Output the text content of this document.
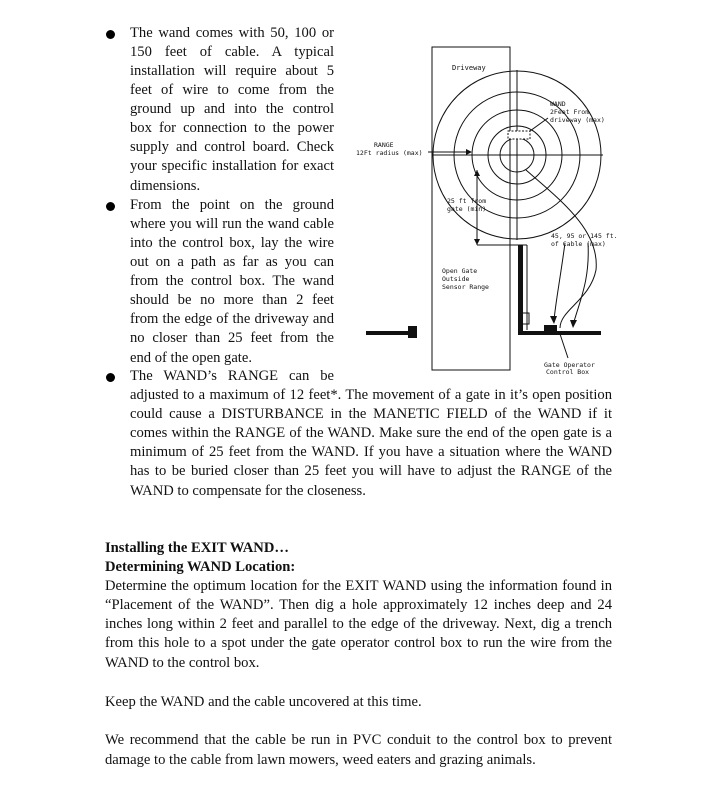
The wand comes with 50, 100 or
150 feet of cable. A typical
installation will require about 5
feet of wire to come from the
ground up and into the control
box for connection to the power
supply and control board. Check
your specific installation for exact
dimensions.
From the point on the ground
where you will run the wand cable
into the control box, lay the wire
out on a path as far as you can
from the control box. The wand
should be no more than 2 feet
from the edge of the driveway and
no closer than 25 feet from the
end of the open gate.
The WAND’s RANGE can be
adjusted to a maximum of 12 feet*. The movement of a gate in it’s open position
could cause a DISTURBANCE in the MANETIC FIELD of the WAND if it
comes within the RANGE of the WAND. Make sure the end of the open gate is a
minimum of 25 feet from the WAND. If you have a situation where the WAND
has to be buried closer than 25 feet you will have to adjust the RANGE of the
WAND to compensate for the closeness.
Driveway
RANGE
12Ft radius (max)
WAND
2Feet From
driveway (max)
25 ft from
gate (min)
45, 95 or 145 ft.
of Cable (max)
Open Gate
Outside
Sensor Range
Gate Operator
Control Box
Installing the EXIT WAND…
Determining WAND Location:
Determine the optimum location for the EXIT WAND using the information found in
“Placement of the WAND”. Then dig a hole approximately 12 inches deep and 24
inches long within 2 feet and parallel to the edge of the driveway. Next, dig a trench
from this hole to a spot under the gate operator control box to run the wire from the
WAND to the control box.
Keep the WAND and the cable uncovered at this time.
We recommend that the cable be run in PVC conduit to the control box to prevent
damage to the cable from lawn mowers, weed eaters and grazing animals.
